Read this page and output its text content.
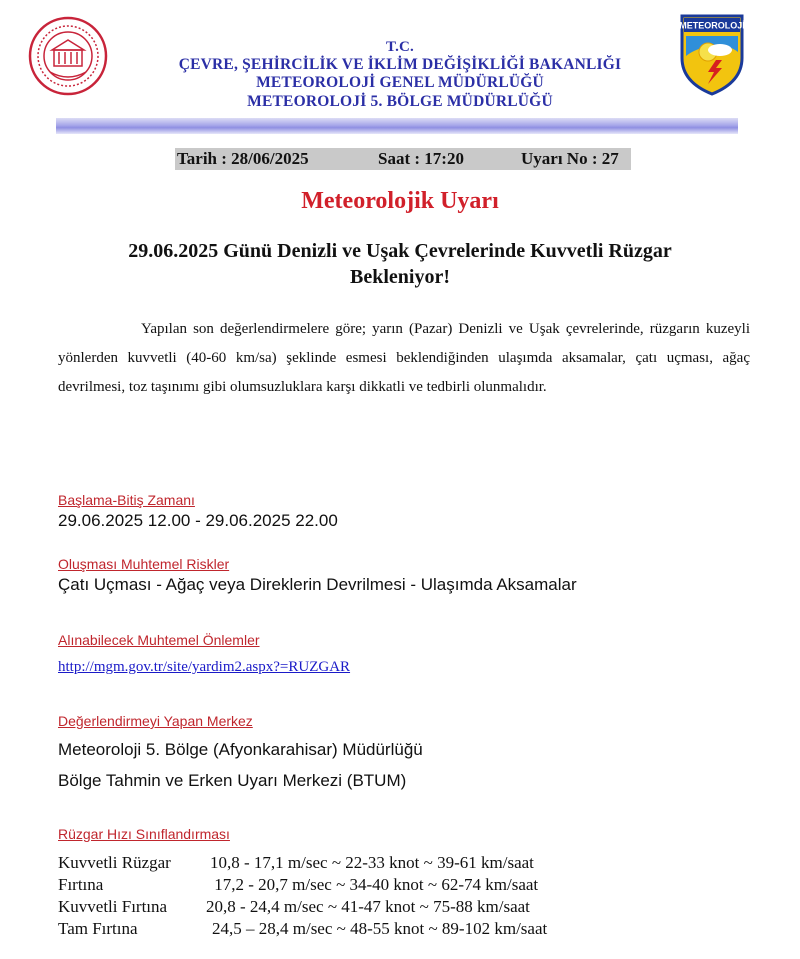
T.C.
ÇEVRE, ŞEHİRCİLİK VE İKLİM DEĞİŞİKLİĞİ BAKANLIĞI
METEOROLOJİ GENEL MÜDÜRLÜĞÜ
METEOROLOJİ 5. BÖLGE MÜDÜRLÜĞÜ
METEOROLOJİ
Tarih : 28/06/2025	Saat : 17:20	Uyarı No : 27
Meteorolojik Uyarı
29.06.2025 Günü Denizli ve Uşak Çevrelerinde Kuvvetli Rüzgar Bekleniyor!
Yapılan son değerlendirmelere göre; yarın (Pazar) Denizli ve Uşak çevrelerinde, rüzgarın kuzeyli yönlerden kuvvetli (40-60 km/sa) şeklinde esmesi beklendiğinden ulaşımda aksamalar, çatı uçması, ağaç devrilmesi, toz taşınımı gibi olumsuzluklara karşı dikkatli ve tedbirli olunmalıdır.
Başlama-Bitiş Zamanı
29.06.2025 12.00 - 29.06.2025 22.00
Oluşması Muhtemel Riskler
Çatı Uçması - Ağaç veya Direklerin Devrilmesi - Ulaşımda Aksamalar
Alınabilecek Muhtemel Önlemler
http://mgm.gov.tr/site/yardim2.aspx?=RUZGAR
Değerlendirmeyi Yapan Merkez
Meteoroloji 5. Bölge (Afyonkarahisar) Müdürlüğü
Bölge Tahmin ve Erken Uyarı Merkezi (BTUM)
Rüzgar Hızı Sınıflandırması
Kuvvetli Rüzgar 10,8 - 17,1 m/sec ~ 22-33 knot ~ 39-61 km/saat
Fırtına	17,2 - 20,7 m/sec ~ 34-40 knot ~ 62-74 km/saat
Kuvvetli Fırtına 20,8 - 24,4 m/sec ~ 41-47 knot ~ 75-88 km/saat
Tam Fırtına	24,5 – 28,4 m/sec ~ 48-55 knot ~ 89-102 km/saat
